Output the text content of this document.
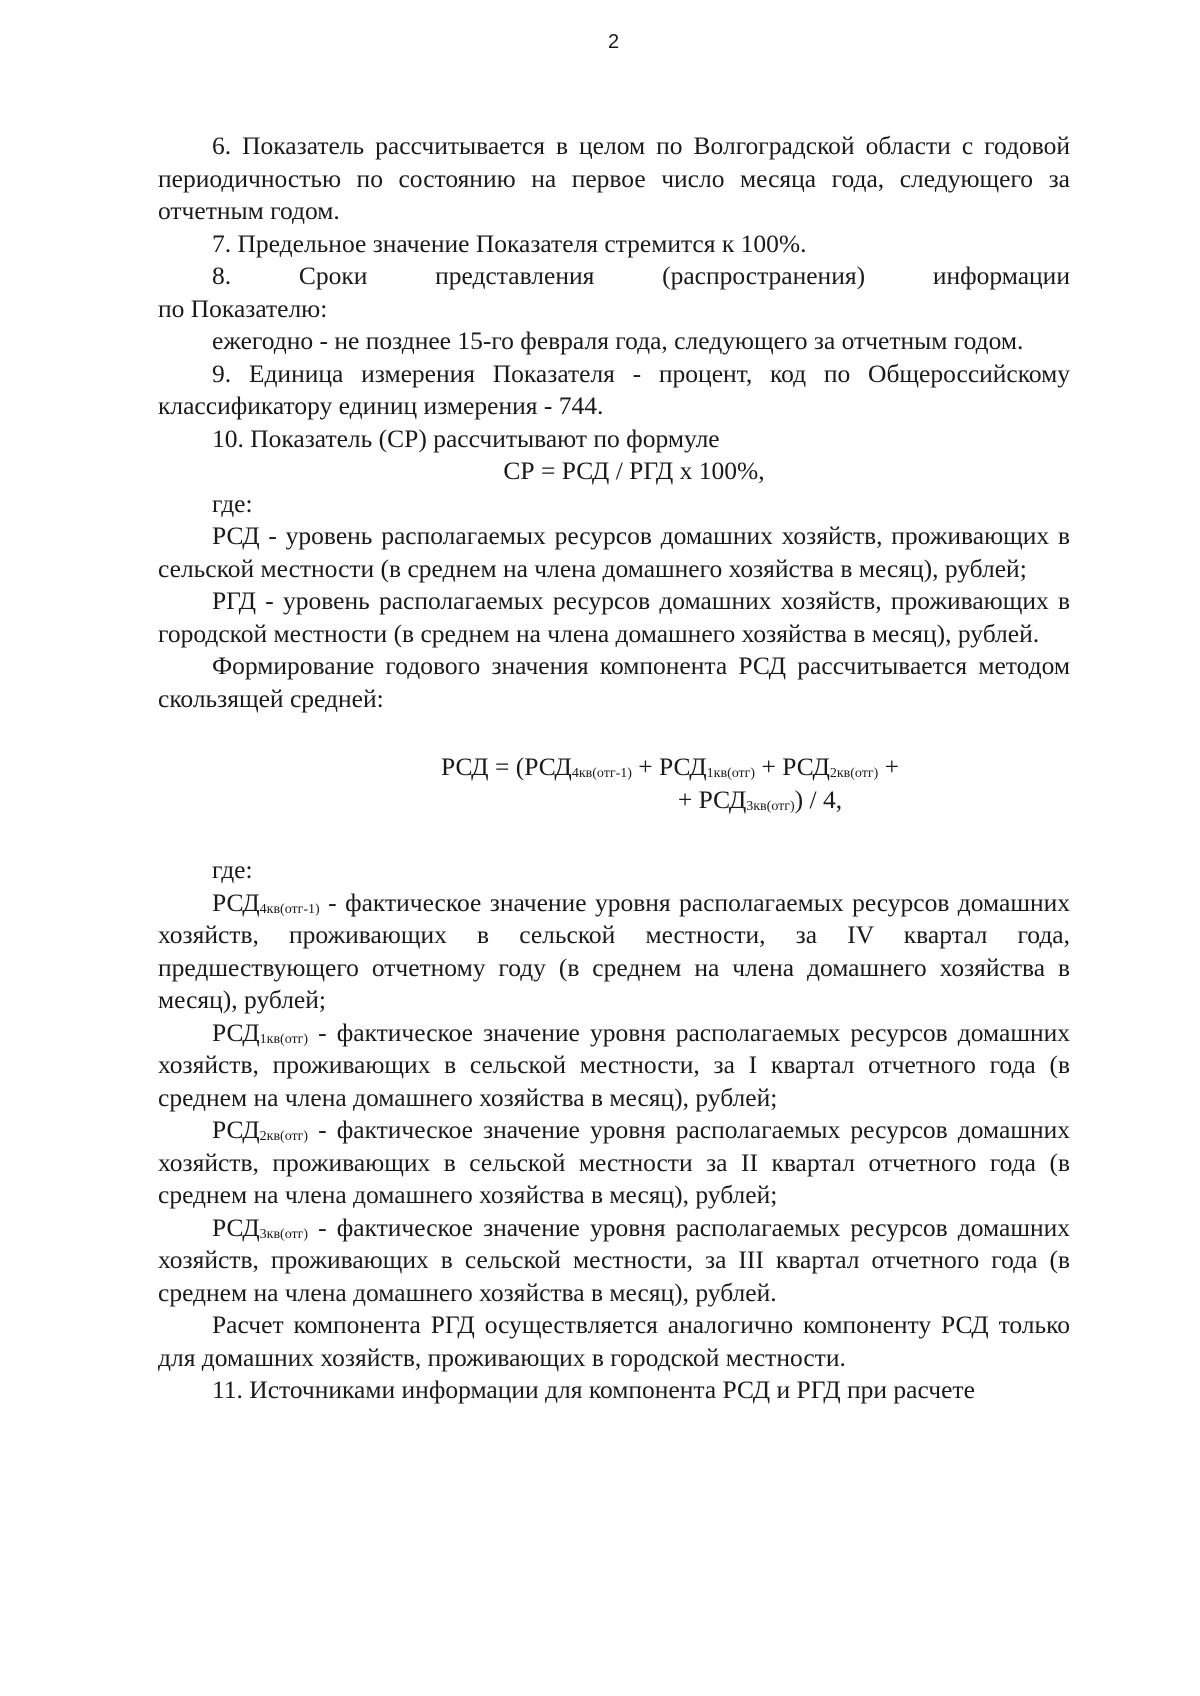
2

6. Показатель рассчитывается в целом по Волгоградской области с годовой периодичностью по состоянию на первое число месяца года, следующего за отчетным годом.

7. Предельное значение Показателя стремится к 100%.

8.	Сроки	представления	(распространения)	информации

по Показателю:

ежегодно - не позднее 15-го февраля года, следующего за отчетным годом.

9. Единица измерения Показателя - процент, код по Общероссийскому классификатору единиц измерения - 744.

10. Показатель (СР) рассчитывают по формуле

СР = РСД / РГД х 100%,

где:

РСД - уровень располагаемых ресурсов домашних хозяйств, проживающих в сельской местности (в среднем на члена домашнего хозяйства в месяц), рублей;

РГД - уровень располагаемых ресурсов домашних хозяйств, проживающих в городской местности (в среднем на члена домашнего хозяйства в месяц), рублей.

Формирование годового значения компонента РСД рассчитывается методом скользящей средней:

РСД = ($РСД_{4кв(отг-1)} + РСД_{1кв(отг)} + РСД_{2кв(отг)}$ +
+ $РСД_{3кв(отг)}) / 4$,

где:

$РСД_{4кв(отг-1)}$ - фактическое значение уровня располагаемых ресурсов домашних хозяйств, проживающих в сельской местности, за IV квартал года, предшествующего отчетному году (в среднем на члена домашнего хозяйства в месяц), рублей;

$РСД_{1кв(отг)}$ - фактическое значение уровня располагаемых ресурсов домашних хозяйств, проживающих в сельской местности, за I квартал отчетного года (в среднем на члена домашнего хозяйства в месяц), рублей;

$РСД_{2кв(отг)}$ - фактическое значение уровня располагаемых ресурсов домашних хозяйств, проживающих в сельской местности за II квартал отчетного года (в среднем на члена домашнего хозяйства в месяц), рублей;

$РСД_{3кв(отг)}$ - фактическое значение уровня располагаемых ресурсов домашних хозяйств, проживающих в сельской местности, за III квартал отчетного года (в среднем на члена домашнего хозяйства в месяц), рублей.

Расчет компонента РГД осуществляется аналогично компоненту РСД только для домашних хозяйств, проживающих в городской местности.

11. Источниками информации для компонента РСД и РГД при расчете
